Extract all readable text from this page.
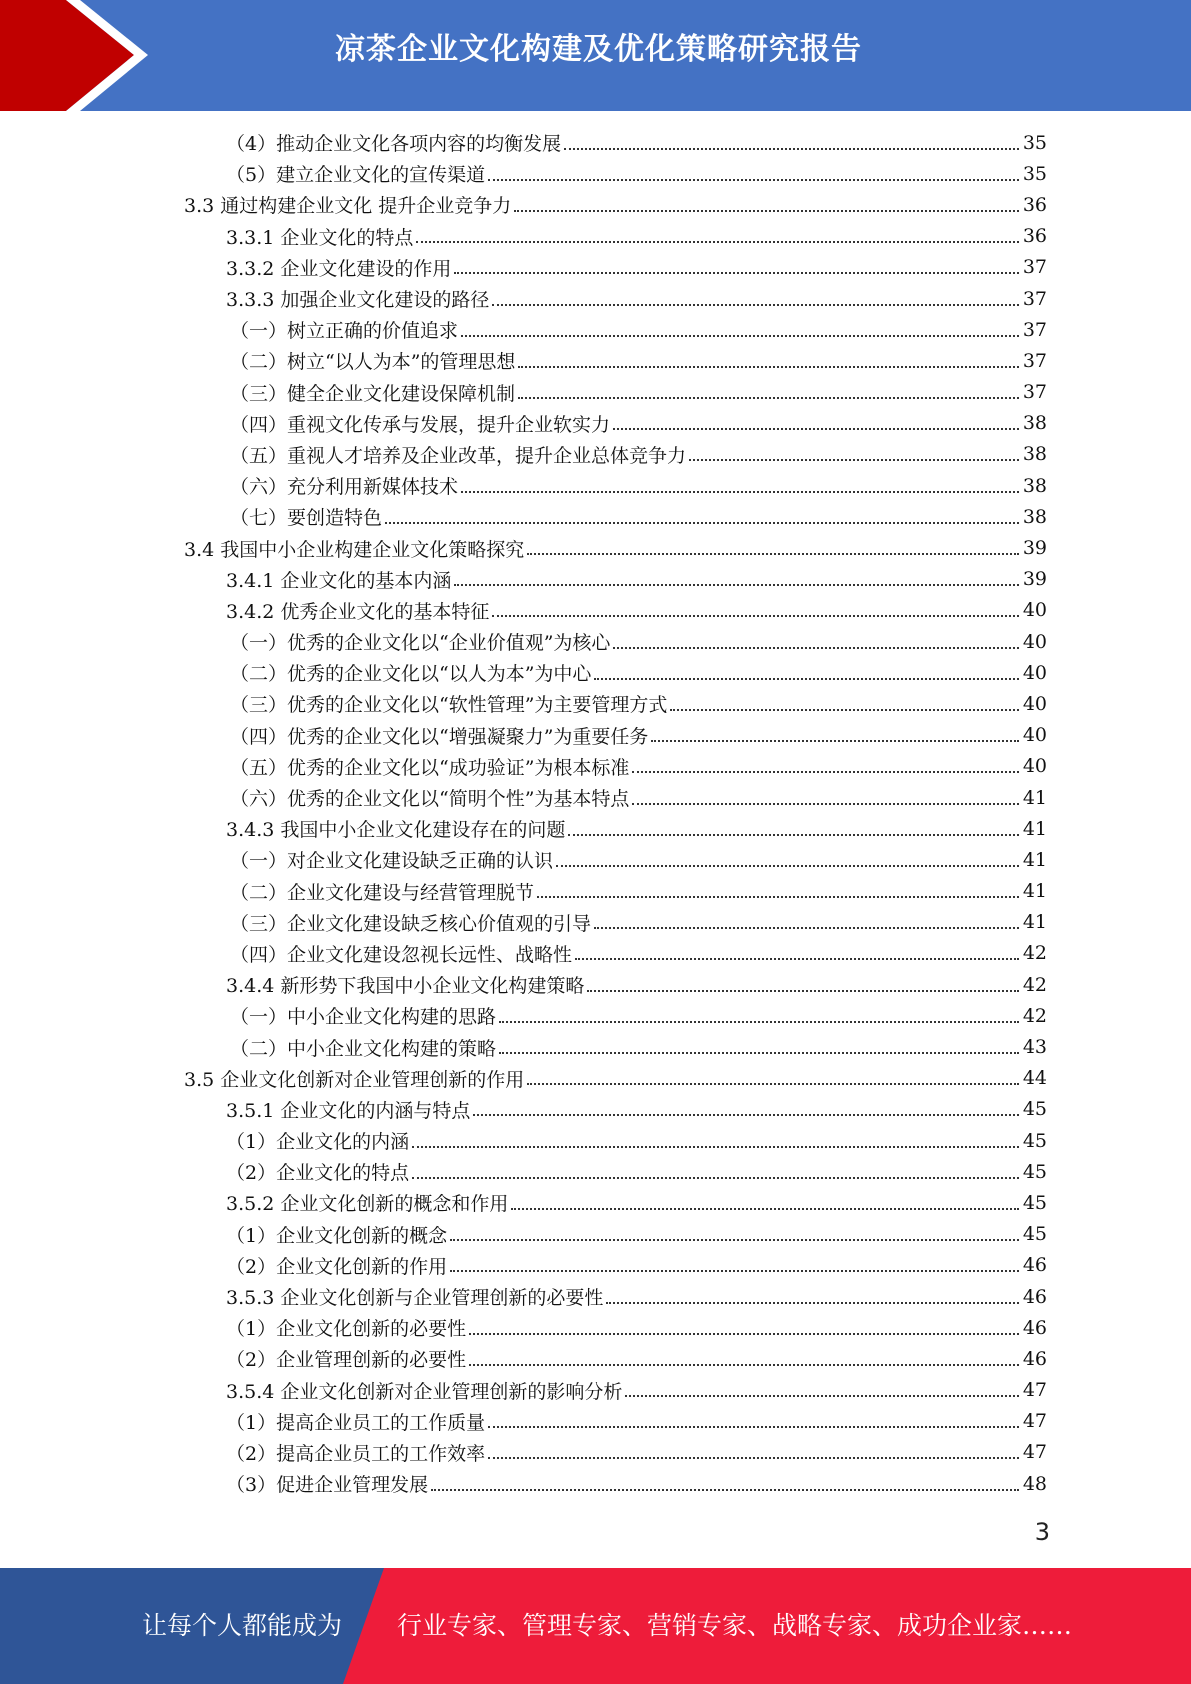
凉茶企业文化构建及优化策略研究报告
（4）推动企业文化各项内容的均衡发展	35
（5）建立企业文化的宣传渠道	35
3.3 通过构建企业文化 提升企业竞争力	36
3.3.1 企业文化的特点	36
3.3.2 企业文化建设的作用	37
3.3.3 加强企业文化建设的路径	37
（一）树立正确的价值追求	37
（二）树立“以人为本”的管理思想	37
（三）健全企业文化建设保障机制	37
（四）重视文化传承与发展，提升企业软实力	38
（五）重视人才培养及企业改革，提升企业总体竞争力	38
（六）充分利用新媒体技术	38
（七）要创造特色	38
3.4 我国中小企业构建企业文化策略探究	39
3.4.1 企业文化的基本内涵	39
3.4.2 优秀企业文化的基本特征	40
（一）优秀的企业文化以“企业价值观”为核心	40
（二）优秀的企业文化以“以人为本”为中心	40
（三）优秀的企业文化以“软性管理”为主要管理方式	40
（四）优秀的企业文化以“增强凝聚力”为重要任务	40
（五）优秀的企业文化以“成功验证”为根本标准	40
（六）优秀的企业文化以“简明个性”为基本特点	41
3.4.3 我国中小企业文化建设存在的问题	41
（一）对企业文化建设缺乏正确的认识	41
（二）企业文化建设与经营管理脱节	41
（三）企业文化建设缺乏核心价值观的引导	41
（四）企业文化建设忽视长远性、战略性	42
3.4.4 新形势下我国中小企业文化构建策略	42
（一）中小企业文化构建的思路	42
（二）中小企业文化构建的策略	43
3.5 企业文化创新对企业管理创新的作用	44
3.5.1 企业文化的内涵与特点	45
（1）企业文化的内涵	45
（2）企业文化的特点	45
3.5.2 企业文化创新的概念和作用	45
（1）企业文化创新的概念	45
（2）企业文化创新的作用	46
3.5.3 企业文化创新与企业管理创新的必要性	46
（1）企业文化创新的必要性	46
（2）企业管理创新的必要性	46
3.5.4 企业文化创新对企业管理创新的影响分析	47
（1）提高企业员工的工作质量	47
（2）提高企业员工的工作效率	47
（3）促进企业管理发展	48
3
让每个人都能成为 行业专家、管理专家、营销专家、战略专家、成功企业家……
